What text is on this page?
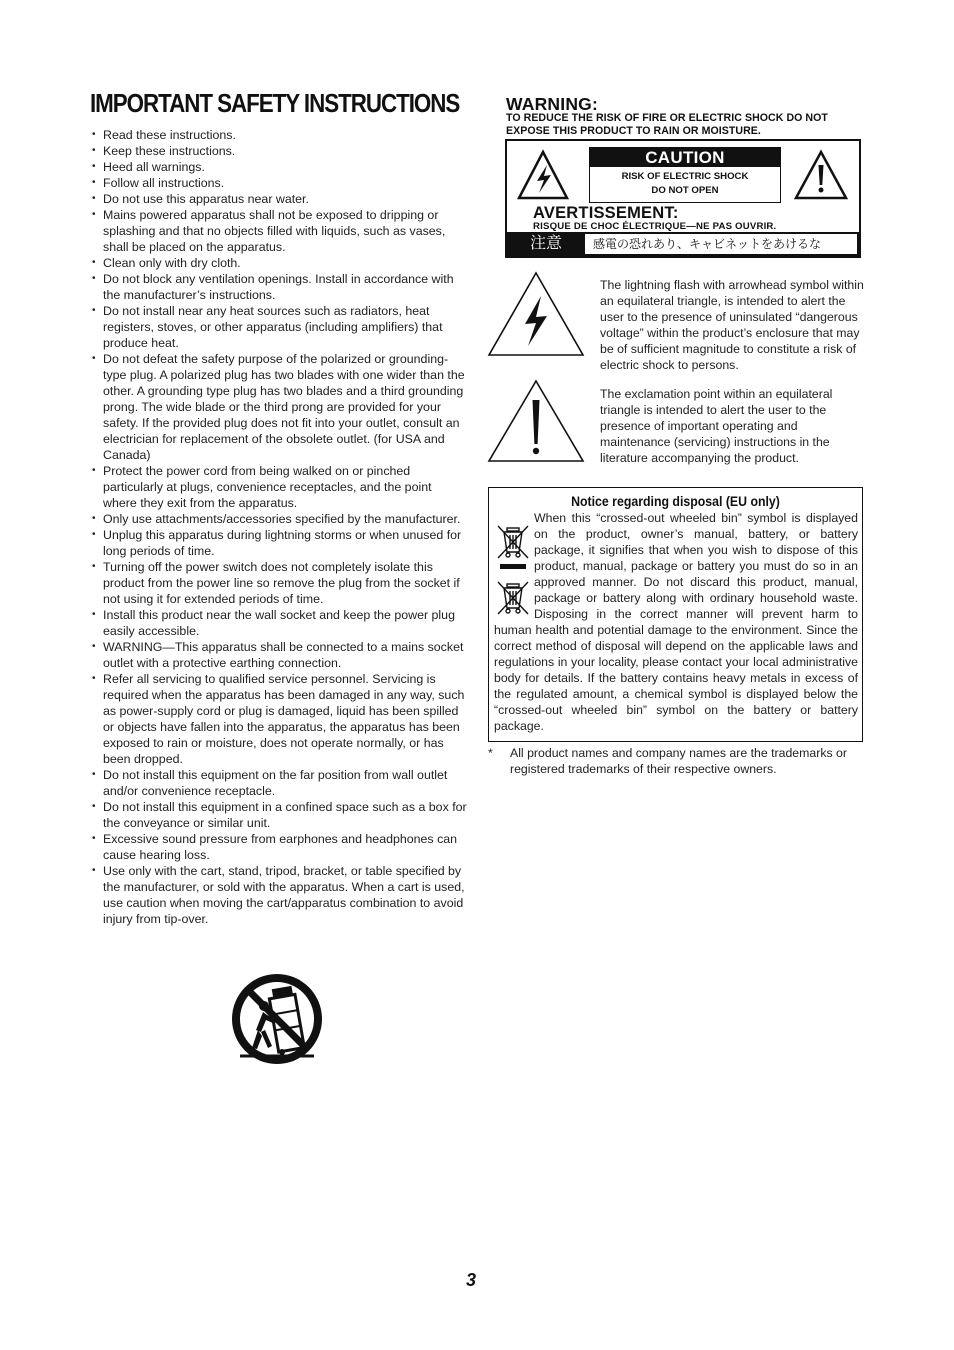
IMPORTANT SAFETY INSTRUCTIONS
• Read these instructions.
• Keep these instructions.
• Heed all warnings.
• Follow all instructions.
• Do not use this apparatus near water.
• Mains powered apparatus shall not be exposed to dripping or splashing and that no objects filled with liquids, such as vases, shall be placed on the apparatus.
• Clean only with dry cloth.
• Do not block any ventilation openings. Install in accordance with the manufacturer’s instructions.
• Do not install near any heat sources such as radiators, heat registers, stoves, or other apparatus (including amplifiers) that produce heat.
• Do not defeat the safety purpose of the polarized or grounding-type plug. A polarized plug has two blades with one wider than the other. A grounding type plug has two blades and a third grounding prong. The wide blade or the third prong are provided for your safety. If the provided plug does not fit into your outlet, consult an electrician for replacement of the obsolete outlet. (for USA and Canada)
• Protect the power cord from being walked on or pinched particularly at plugs, convenience receptacles, and the point where they exit from the apparatus.
• Only use attachments/accessories specified by the manufacturer.
• Unplug this apparatus during lightning storms or when unused for long periods of time.
• Turning off the power switch does not completely isolate this product from the power line so remove the plug from the socket if not using it for extended periods of time.
• Install this product near the wall socket and keep the power plug easily accessible.
• WARNING—This apparatus shall be connected to a mains socket outlet with a protective earthing connection.
• Refer all servicing to qualified service personnel. Servicing is required when the apparatus has been damaged in any way, such as power-supply cord or plug is damaged, liquid has been spilled or objects have fallen into the apparatus, the apparatus has been exposed to rain or moisture, does not operate normally, or has been dropped.
• Do not install this equipment on the far position from wall outlet and/or convenience receptacle.
• Do not install this equipment in a confined space such as a box for the conveyance or similar unit.
• Excessive sound pressure from earphones and headphones can cause hearing loss.
• Use only with the cart, stand, tripod, bracket, or table specified by the manufacturer, or sold with the apparatus. When a cart is used, use caution when moving the cart/apparatus combination to avoid injury from tip-over.
WARNING:
TO REDUCE THE RISK OF FIRE OR ELECTRIC SHOCK DO NOT
EXPOSE THIS PRODUCT TO RAIN OR MOISTURE.
CAUTION
RISK OF ELECTRIC SHOCK
DO NOT OPEN
AVERTISSEMENT:
RISQUE DE CHOC ÉLECTRIQUE—NE PAS OUVRIR.
注意	感電の恐れあり、キャビネットをあけるな
The lightning flash with arrowhead symbol within an equilateral triangle, is intended to alert the user to the presence of uninsulated “dangerous voltage” within the product’s enclosure that may be of sufficient magnitude to constitute a risk of electric shock to persons.
The exclamation point within an equilateral triangle is intended to alert the user to the presence of important operating and maintenance (servicing) instructions in the literature accompanying the product.
Notice regarding disposal (EU only)

When this “crossed-out wheeled bin” symbol is displayed on the product, owner’s manual, battery, or battery package, it signifies that when you wish to dispose of this product, manual, package or battery you must do so in an approved manner. Do not discard this product, manual, package or battery along with ordinary household waste. Disposing in the correct manner will prevent harm to human health and potential damage to the environment. Since the correct method of disposal will depend on the applicable laws and regulations in your locality, please contact your local administrative body for details. If the battery contains heavy metals in excess of the regulated amount, a chemical symbol is displayed below the “crossed-out wheeled bin” symbol on the battery or battery package.

*	All product names and company names are the trademarks or registered trademarks of their respective owners.
3
